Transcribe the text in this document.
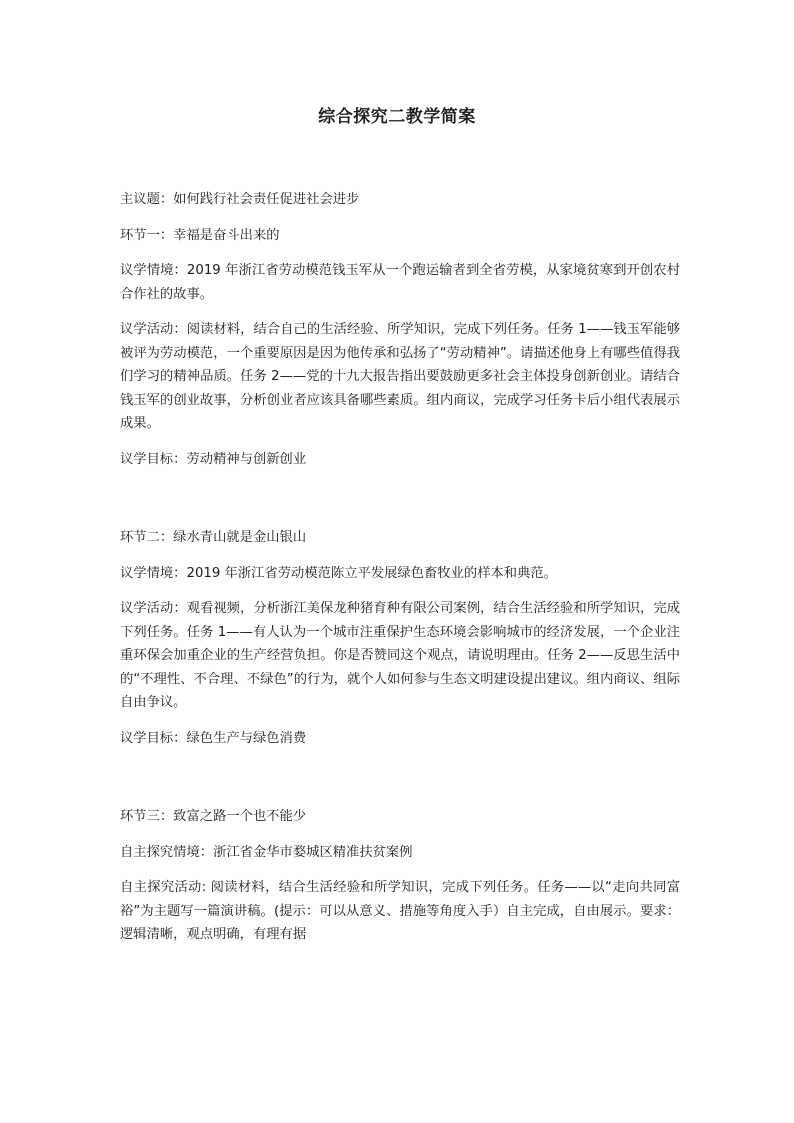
综合探究二教学简案

主议题：如何践行社会责任促进社会进步

环节一：幸福是奋斗出来的

议学情境：2019 年浙江省劳动模范钱玉军从一个跑运输者到全省劳模，从家境贫寒到开创农村合作社的故事。

议学活动：阅读材料，结合自己的生活经验、所学知识，完成下列任务。任务 1——钱玉军能够被评为劳动模范，一个重要原因是因为他传承和弘扬了“劳动精神”。请描述他身上有哪些值得我们学习的精神品质。任务 2——党的十九大报告指出要鼓励更多社会主体投身创新创业。请结合钱玉军的创业故事，分析创业者应该具备哪些素质。组内商议，完成学习任务卡后小组代表展示成果。

议学目标：劳动精神与创新创业

环节二：绿水青山就是金山银山

议学情境：2019 年浙江省劳动模范陈立平发展绿色畜牧业的样本和典范。

议学活动：观看视频，分析浙江美保龙种猪育种有限公司案例，结合生活经验和所学知识，完成下列任务。任务 1——有人认为一个城市注重保护生态环境会影响城市的经济发展，一个企业注重环保会加重企业的生产经营负担。你是否赞同这个观点，请说明理由。任务 2——反思生活中的“不理性、不合理、不绿色”的行为，就个人如何参与生态文明建设提出建议。组内商议、组际自由争议。

议学目标：绿色生产与绿色消费

环节三：致富之路一个也不能少

自主探究情境：浙江省金华市婺城区精准扶贫案例

自主探究活动: 阅读材料，结合生活经验和所学知识，完成下列任务。任务——以“走向共同富裕”为主题写一篇演讲稿。(提示：可以从意义、措施等角度入手）自主完成，自由展示。要求：逻辑清晰，观点明确，有理有据
